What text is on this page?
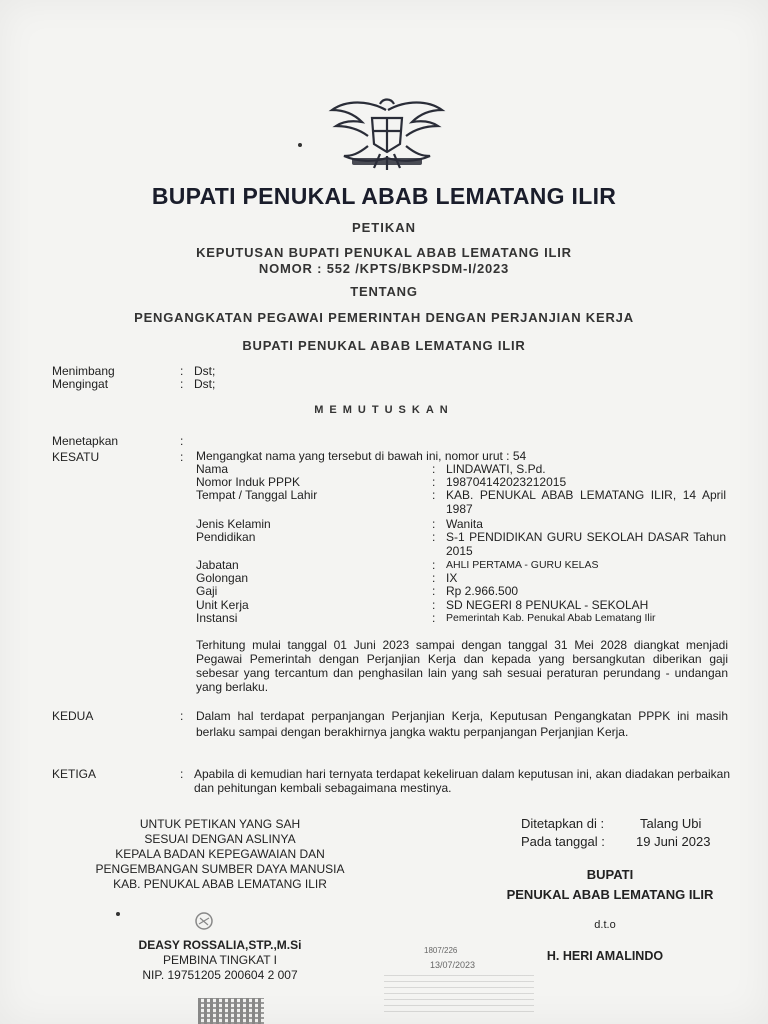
BUPATI PENUKAL ABAB LEMATANG ILIR
PETIKAN
KEPUTUSAN BUPATI PENUKAL ABAB LEMATANG ILIR
NOMOR : 552 /KPTS/BKPSDM-I/2023
TENTANG
PENGANGKATAN PEGAWAI PEMERINTAH DENGAN PERJANJIAN KERJA
BUPATI PENUKAL ABAB LEMATANG ILIR
Menimbang	: Dst;
Mengingat	: Dst;
MEMUTUSKAN
Menetapkan	:
KESATU	: Mengangkat nama yang tersebut di bawah ini, nomor urut : 54
Nama	: LINDAWATI, S.Pd.
Nomor Induk PPPK	: 198704142023212015
Tempat / Tanggal Lahir	: KAB. PENUKAL ABAB LEMATANG ILIR, 14 April 1987
Jenis Kelamin	: Wanita
Pendidikan	: S-1 PENDIDIKAN GURU SEKOLAH DASAR Tahun 2015
Jabatan	: AHLI PERTAMA - GURU KELAS
Golongan	: IX
Gaji	: Rp 2.966.500
Unit Kerja	: SD NEGERI 8 PENUKAL - SEKOLAH
Instansi	: Pemerintah Kab. Penukal Abab Lematang Ilir
Terhitung mulai tanggal 01 Juni 2023 sampai dengan tanggal 31 Mei 2028 diangkat menjadi Pegawai Pemerintah dengan Perjanjian Kerja dan kepada yang bersangkutan diberikan gaji sebesar yang tercantum dan penghasilan lain yang sah sesuai peraturan perundang - undangan yang berlaku.
KEDUA	: Dalam hal terdapat perpanjangan Perjanjian Kerja, Keputusan Pengangkatan PPPK ini masih berlaku sampai dengan berakhirnya jangka waktu perpanjangan Perjanjian Kerja.
KETIGA	: Apabila di kemudian hari ternyata terdapat kekeliruan dalam keputusan ini, akan diadakan perbaikan dan pehitungan kembali sebagaimana mestinya.
UNTUK PETIKAN YANG SAH
SESUAI DENGAN ASLINYA
KEPALA BADAN KEPEGAWAIAN DAN
PENGEMBANGAN SUMBER DAYA MANUSIA
KAB. PENUKAL ABAB LEMATANG ILIR
DEASY ROSSALIA,STP.,M.Si
PEMBINA TINGKAT I
NIP. 19751205 200604 2 007
Ditetapkan di :	Talang Ubi
Pada tanggal : 19 Juni 2023
BUPATI
PENUKAL ABAB LEMATANG ILIR
d.t.o
1807/226
13/07/2023
H. HERI AMALINDO
